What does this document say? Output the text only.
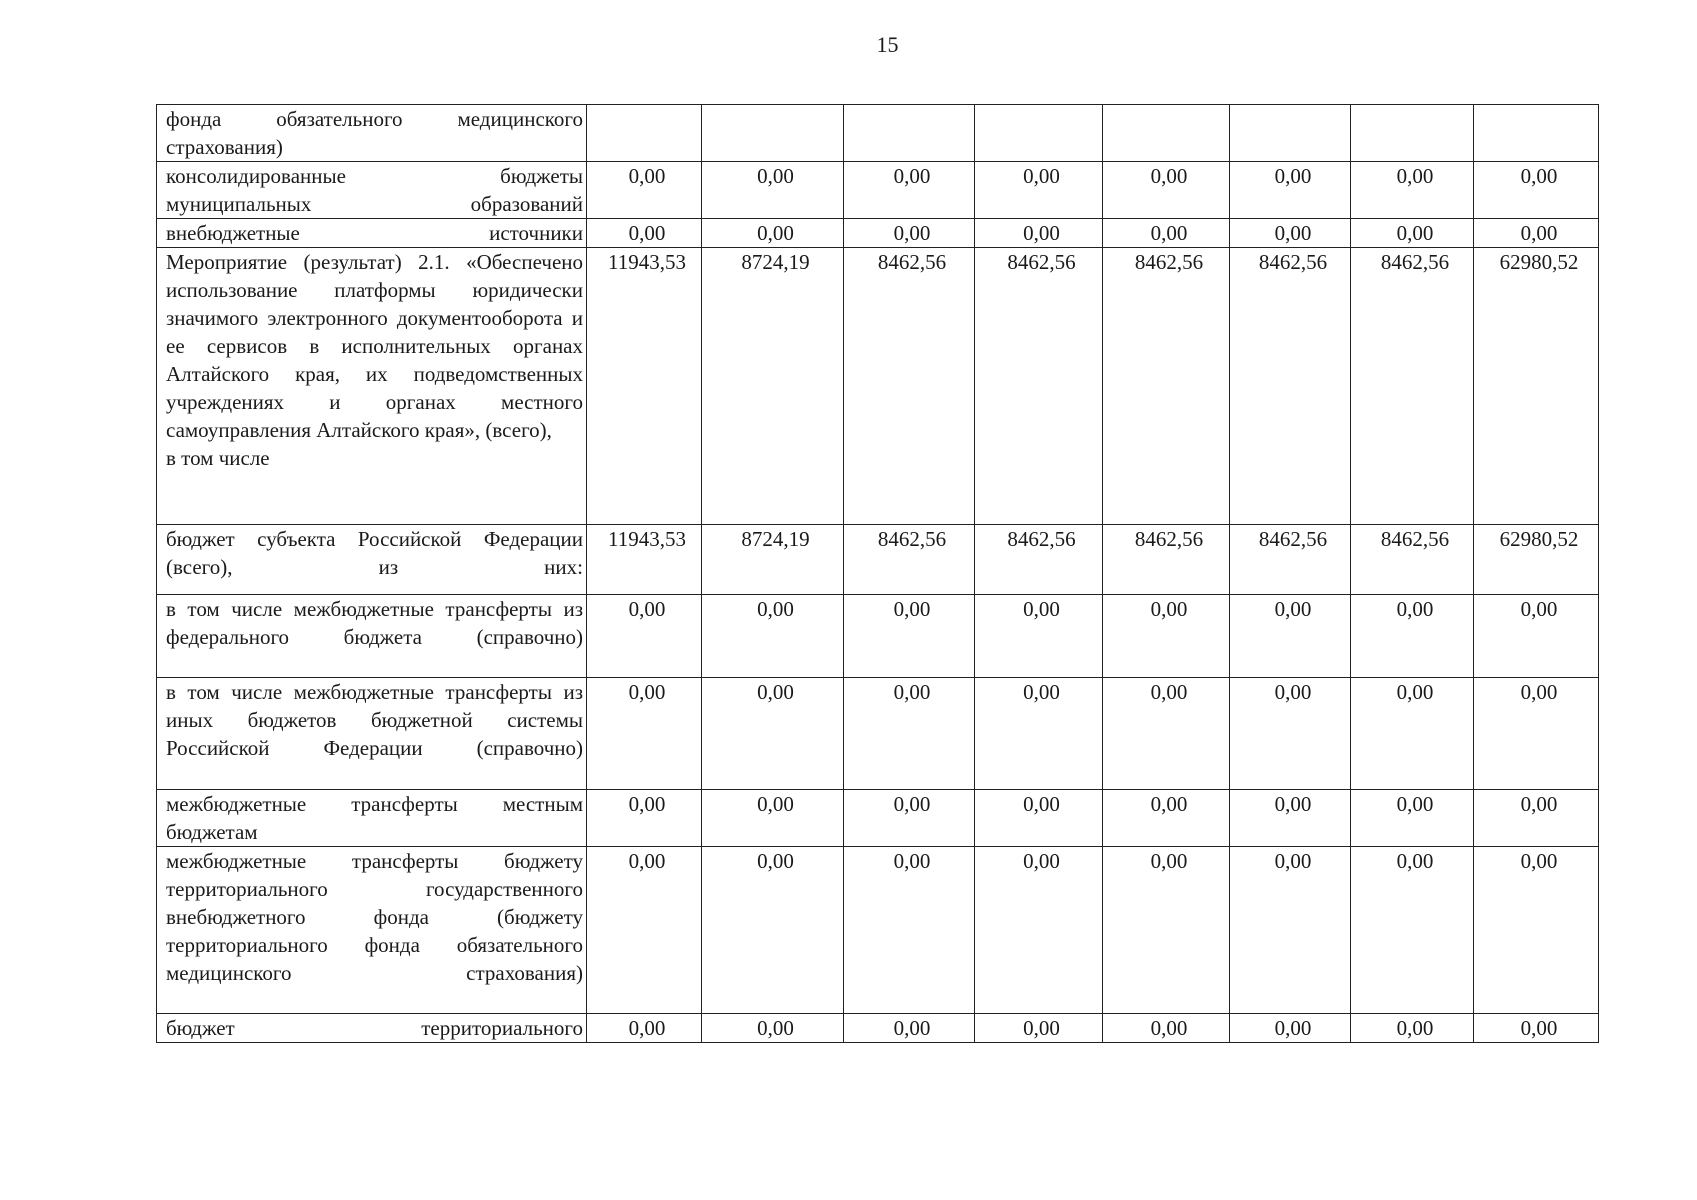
15
фонда обязательного медицинского страхования)								

консолидированные бюджеты муниципальных образований	0,00	0,00	0,00	0,00	0,00	0,00	0,00	0,00

внебюджетные источники	0,00	0,00	0,00	0,00	0,00	0,00	0,00	0,00

Мероприятие (результат) 2.1. «Обеспечено использование платформы юридически значимого электронного документооборота и ее сервисов в исполнительных органах Алтайского края, их подведомственных учреждениях и органах местного самоуправления Алтайского края», (всего),
в том числе	11943,53	8724,19	8462,56	8462,56	8462,56	8462,56	8462,56	62980,52

бюджет субъекта Российской Федерации (всего), из них:	11943,53	8724,19	8462,56	8462,56	8462,56	8462,56	8462,56	62980,52

в том числе межбюджетные трансферты из федерального бюджета (справочно)	0,00	0,00	0,00	0,00	0,00	0,00	0,00	0,00

в том числе межбюджетные трансферты из иных бюджетов бюджетной системы Российской Федерации (справочно)	0,00	0,00	0,00	0,00	0,00	0,00	0,00	0,00

межбюджетные трансферты местным бюджетам	0,00	0,00	0,00	0,00	0,00	0,00	0,00	0,00

межбюджетные трансферты бюджету территориального государственного внебюджетного фонда (бюджету территориального фонда обязательного медицинского страхования)	0,00	0,00	0,00	0,00	0,00	0,00	0,00	0,00

бюджет территориального	0,00	0,00	0,00	0,00	0,00	0,00	0,00	0,00
